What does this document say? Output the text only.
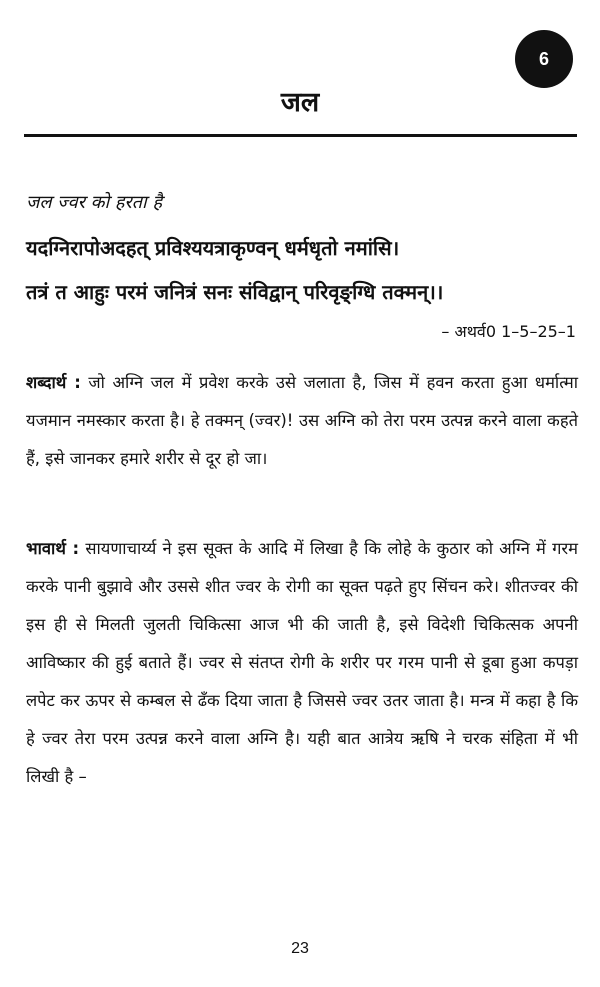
6
जल
जल ज्वर को हरता है
यदग्निरापोअदहत् प्रविश्ययत्राकृण्वन् धर्मधृतो नमांसि।
तत्रं त आहुः परमं जनित्रं सनः संविद्वान् परिवृङ्ग्धि तक्मन्।।
– अथर्व0 1–5–25–1
शब्दार्थ : जो अग्नि जल में प्रवेश करके उसे जलाता है, जिस में हवन करता हुआ धर्मात्मा यजमान नमस्कार करता है। हे तक्मन् (ज्वर)! उस अग्नि को तेरा परम उत्पन्न करने वाला कहते हैं, इसे जानकर हमारे शरीर से दूर हो जा।
भावार्थ : सायणाचार्य्य ने इस सूक्त के आदि में लिखा है कि लोहे के कुठार को अग्नि में गरम करके पानी बुझावे और उससे शीत ज्वर के रोगी का सूक्त पढ़ते हुए सिंचन करे। शीतज्वर की इस ही से मिलती जुलती चिकित्सा आज भी की जाती है, इसे विदेशी चिकित्सक अपनी आविष्कार की हुई बताते हैं। ज्वर से संतप्त रोगी के शरीर पर गरम पानी से डूबा हुआ कपड़ा लपेट कर ऊपर से कम्बल से ढँक दिया जाता है जिससे ज्वर उतर जाता है। मन्त्र में कहा है कि हे ज्वर तेरा परम उत्पन्न करने वाला अग्नि है। यही बात आत्रेय ऋषि ने चरक संहिता में भी लिखी है –
23
